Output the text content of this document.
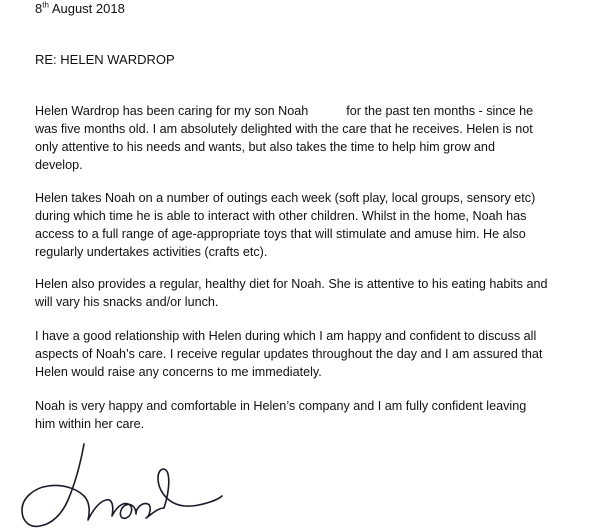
8th August 2018
RE: HELEN WARDROP

Helen Wardrop has been caring for my son Noah	for the past ten months - since he
was five months old. I am absolutely delighted with the care that he receives. Helen is not
only attentive to his needs and wants, but also takes the time to help him grow and
develop.

Helen takes Noah on a number of outings each week (soft play, local groups, sensory etc)
during which time he is able to interact with other children. Whilst in the home, Noah has
access to a full range of age-appropriate toys that will stimulate and amuse him. He also
regularly undertakes activities (crafts etc).

Helen also provides a regular, healthy diet for Noah. She is attentive to his eating habits and
will vary his snacks and/or lunch.

I have a good relationship with Helen during which I am happy and confident to discuss all
aspects of Noah’s care. I receive regular updates throughout the day and I am assured that
Helen would raise any concerns to me immediately.

Noah is very happy and comfortable in Helen’s company and I am fully confident leaving
him within her care.
